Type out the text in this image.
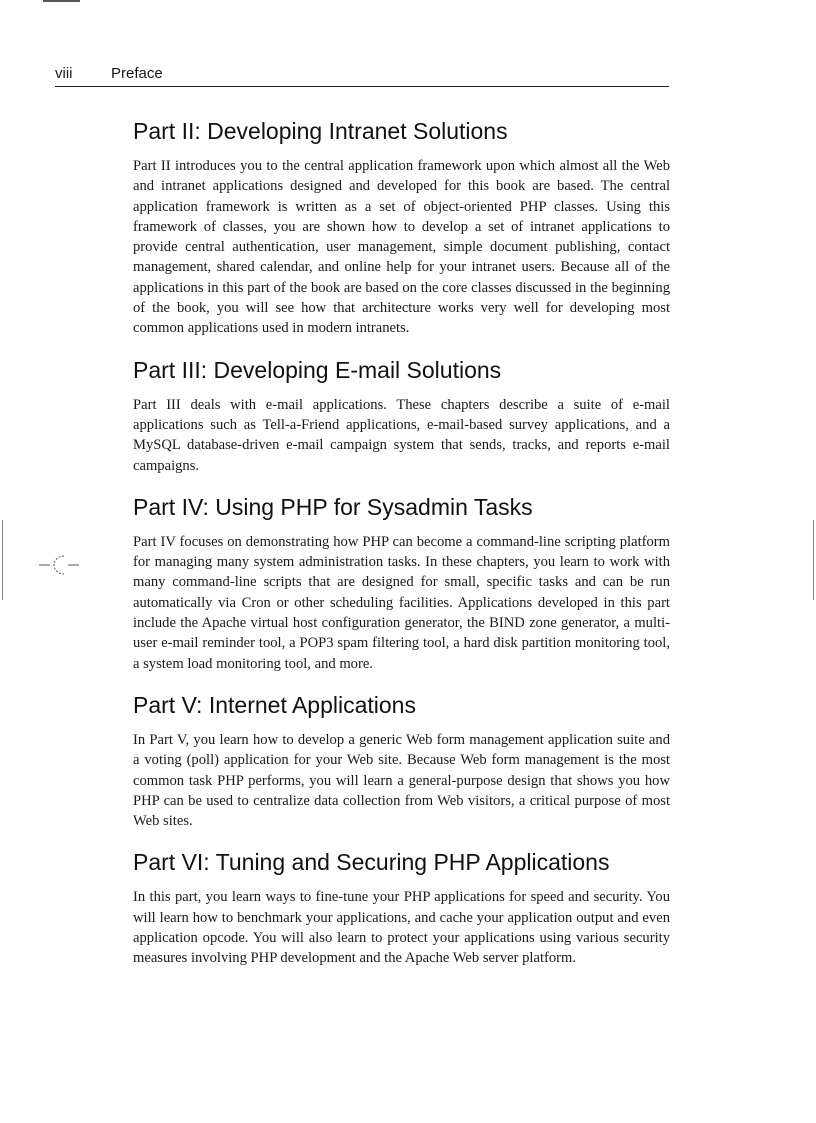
viii	Preface
Part II: Developing Intranet Solutions

Part II introduces you to the central application framework upon which almost all the Web and intranet applications designed and developed for this book are based. The central application framework is written as a set of object-oriented PHP classes. Using this framework of classes, you are shown how to develop a set of intranet applications to provide central authentication, user management, simple document publishing, contact management, shared calendar, and online help for your intranet users. Because all of the applications in this part of the book are based on the core classes discussed in the beginning of the book, you will see how that architecture works very well for developing most common applications used in modern intranets.

Part III: Developing E-mail Solutions

Part III deals with e-mail applications. These chapters describe a suite of e-mail applications such as Tell-a-Friend applications, e-mail-based survey applications, and a MySQL database-driven e-mail campaign system that sends, tracks, and reports e-mail campaigns.

Part IV: Using PHP for Sysadmin Tasks

Part IV focuses on demonstrating how PHP can become a command-line scripting platform for managing many system administration tasks. In these chapters, you learn to work with many command-line scripts that are designed for small, specific tasks and can be run automatically via Cron or other scheduling facilities. Applications developed in this part include the Apache virtual host configuration generator, the BIND zone generator, a multi-user e-mail reminder tool, a POP3 spam filtering tool, a hard disk partition monitoring tool, a system load monitoring tool, and more.

Part V: Internet Applications

In Part V, you learn how to develop a generic Web form management application suite and a voting (poll) application for your Web site. Because Web form management is the most common task PHP performs, you will learn a general-purpose design that shows you how PHP can be used to centralize data collection from Web visitors, a critical purpose of most Web sites.

Part VI: Tuning and Securing PHP Applications

In this part, you learn ways to fine-tune your PHP applications for speed and security. You will learn how to benchmark your applications, and cache your application output and even application opcode. You will also learn to protect your applications using various security measures involving PHP development and the Apache Web server platform.
